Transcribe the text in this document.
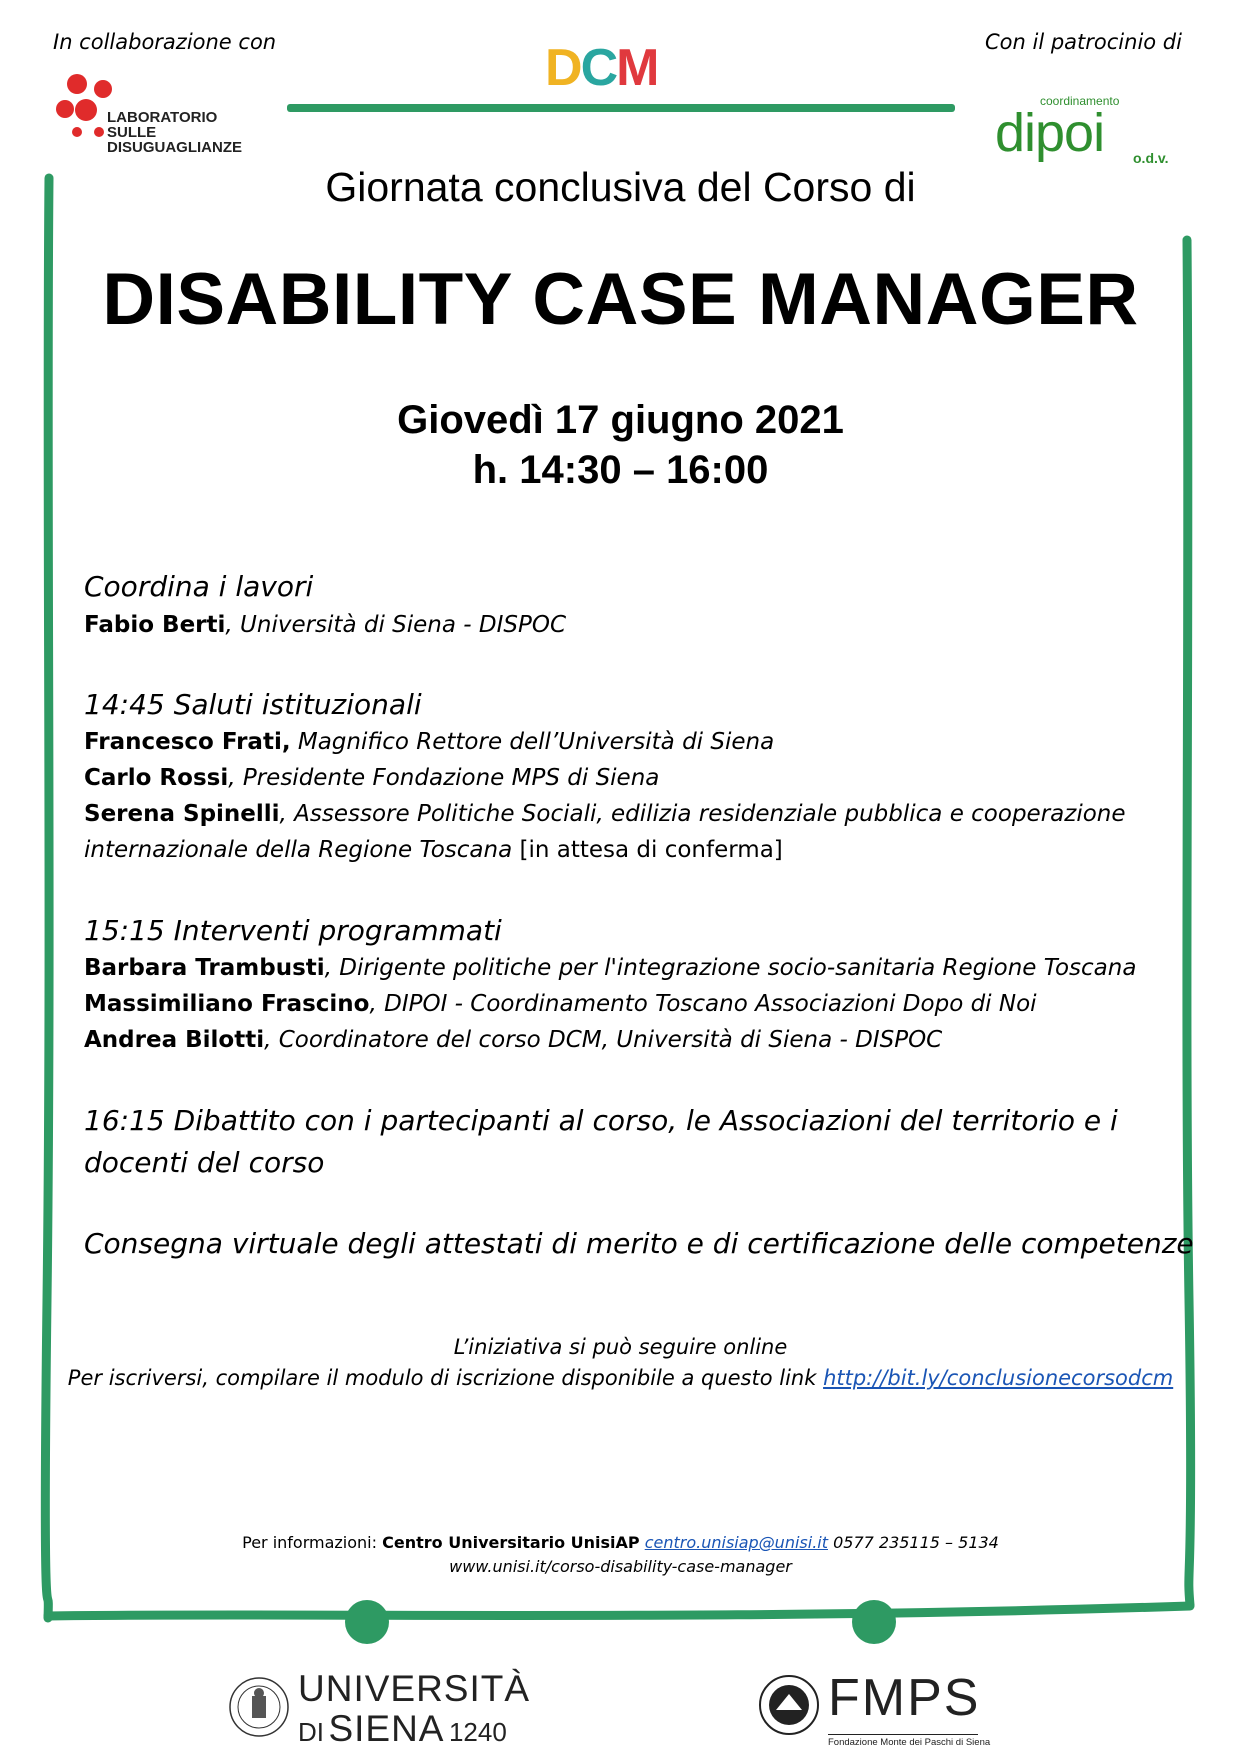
In collaborazione con	Con il patrocinio di
LABORATORIO
SULLE
DISUGUAGLIANZE
DCM
coordinamento
dipoi o.d.v.
Giornata conclusiva del Corso di
DISABILITY CASE MANAGER
Giovedì 17 giugno 2021
h. 14:30 – 16:00
Coordina i lavori
Fabio Berti, Università di Siena - DISPOC
14:45 Saluti istituzionali
Francesco Frati, Magnifico Rettore dell’Università di Siena
Carlo Rossi, Presidente Fondazione MPS di Siena
Serena Spinelli, Assessore Politiche Sociali, edilizia residenziale pubblica e cooperazione
internazionale della Regione Toscana [in attesa di conferma]
15:15 Interventi programmati
Barbara Trambusti, Dirigente politiche per l'integrazione socio-sanitaria Regione Toscana
Massimiliano Frascino, DIPOI - Coordinamento Toscano Associazioni Dopo di Noi
Andrea Bilotti, Coordinatore del corso DCM, Università di Siena - DISPOC
16:15 Dibattito con i partecipanti al corso, le Associazioni del territorio e i
docenti del corso
Consegna virtuale degli attestati di merito e di certificazione delle competenze
L’iniziativa si può seguire online
Per iscriversi, compilare il modulo di iscrizione disponibile a questo link http://bit.ly/conclusionecorsodcm
Per informazioni: Centro Universitario UnisiAP centro.unisiap@unisi.it 0577 235115 – 5134
www.unisi.it/corso-disability-case-manager
UNIVERSITÀ
DI SIENA 1240
FMPS
Fondazione Monte dei Paschi di Siena
